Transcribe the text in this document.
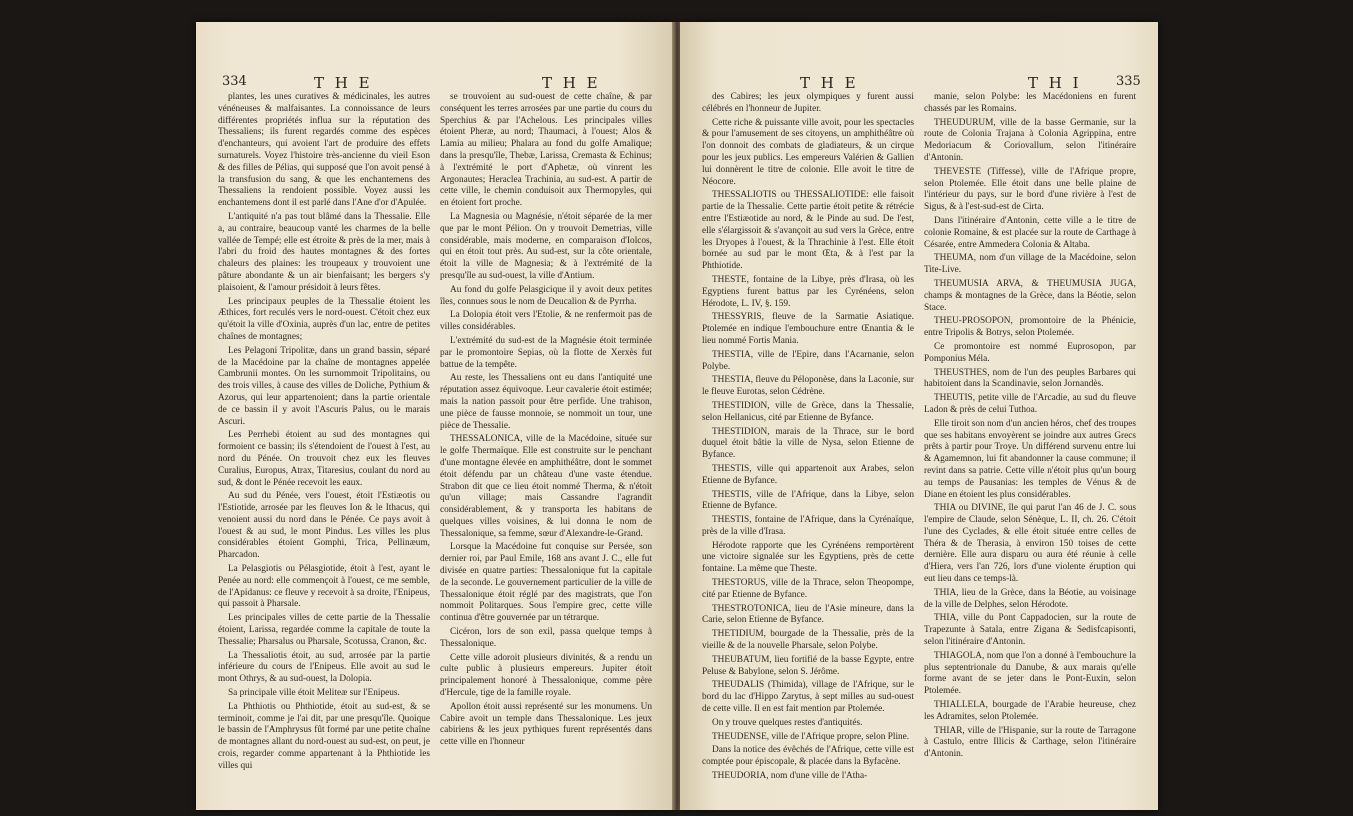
334	T H E	T H E

plantes, les unes curatives & médicinales, les autres vénéneuses & malfaisantes. La connoissance de leurs différentes propriétés influa sur la réputation des Thessaliens; ils furent regardés comme des espèces d'enchanteurs, qui avoient l'art de produire des effets surnaturels. Voyez l'histoire très-ancienne du vieil Eson & des filles de Pélias, qui supposé que l'on avoit pensé à la transfusion du sang, & que les enchantemens des Thessaliens la rendoient possible. Voyez aussi les enchantemens dont il est parlé dans l'Ane d'or d'Apulée.

L'antiquité n'a pas tout blâmé dans la Thessalie. Elle a, au contraire, beaucoup vanté les charmes de la belle vallée de Tempé; elle est étroite & près de la mer, mais à l'abri du froid des hautes montagnes & des fortes chaleurs des plaines: les troupeaux y trouvoient une pâture abondante & un air bienfaisant; les bergers s'y plaisoient, & l'amour présidoit à leurs fêtes.

Les principaux peuples de la Thessalie étoient les Æthices, fort reculés vers le nord-ouest. C'étoit chez eux qu'étoit la ville d'Oxinia, auprès d'un lac, entre de petites chaînes de montagnes;

Les Pelagoni Tripolitæ, dans un grand bassin, séparé de la Macédoine par la chaîne de montagnes appelée Cambrunii montes. On les surnommoit Tripolitains, ou des trois villes, à cause des villes de Doliche, Pythium & Azorus, qui leur appartenoient; dans la partie orientale de ce bassin il y avoit l'Ascuris Palus, ou le marais Ascuri.

Les Perrhebi étoient au sud des montagnes qui formoient ce bassin; ils s'étendoient de l'ouest à l'est, au nord du Pénée. On trouvoit chez eux les fleuves Curalius, Europus, Atrax, Titaresius, coulant du nord au sud, & dont le Pénée recevoit les eaux.

Au sud du Pénée, vers l'ouest, étoit l'Estiæotis ou l'Estiotide, arrosée par les fleuves Ion & le Ithacus, qui venoient aussi du nord dans le Pénée. Ce pays avoit à l'ouest & au sud, le mont Pindus. Les villes les plus considérables étoient Gomphi, Trica, Pellinæum, Pharcadon.

La Pelasgiotis ou Pélasgiotide, étoit à l'est, ayant le Penée au nord: elle commençoit à l'ouest, ce me semble, de l'Apidanus: ce fleuve y recevoit à sa droite, l'Enipeus, qui passoit à Pharsale.

Les principales villes de cette partie de la Thessalie étoient, Larissa, regardée comme la capitale de toute la Thessalie; Pharsalus ou Pharsale, Scotussa, Cranon, &c.

La Thessaliotis étoit, au sud, arrosée par la partie inférieure du cours de l'Enipeus. Elle avoit au sud le mont Othrys, & au sud-ouest, la Dolopia.

Sa principale ville étoit Meliteæ sur l'Enipeus.

La Phthiotis ou Phthiotide, étoit au sud-est, & se terminoit, comme je l'ai dit, par une presqu'île. Quoique le bassin de l'Amphrysus fût formé par une petite chaîne de montagnes allant du nord-ouest au sud-est, on peut, je crois, regarder comme appartenant à la Phthiotide les villes qui

se trouvoient au sud-ouest de cette chaîne, & par conséquent les terres arrosées par une partie du cours du Sperchius & par l'Achelous. Les principales villes étoient Pheræ, au nord; Thaumaci, à l'ouest; Alos & Lamia au milieu; Phalara au fond du golfe Amalique; dans la presqu'île, Thebæ, Larissa, Cremasta & Echinus; à l'extrémité le port d'Aphetæ, où vinrent les Argonautes; Heraclea Trachinia, au sud-est. A partir de cette ville, le chemin conduisoit aux Thermopyles, qui en étoient fort proche.

La Magnesia ou Magnésie, n'étoit séparée de la mer que par le mont Pélion. On y trouvoit Demetrias, ville considérable, mais moderne, en comparaison d'Iolcos, qui en étoit tout près. Au sud-est, sur la côte orientale, étoit la ville de Magnesia; & à l'extrémité de la presqu'île au sud-ouest, la ville d'Antium.

Au fond du golfe Pelasgicique il y avoit deux petites îles, connues sous le nom de Deucalion & de Pyrrha.

La Dolopia étoit vers l'Etolie, & ne renfermoit pas de villes considérables.

L'extrémité du sud-est de la Magnésie étoit terminée par le promontoire Sepias, où la flotte de Xerxès fut battue de la tempête.

Au reste, les Thessaliens ont eu dans l'antiquité une réputation assez équivoque. Leur cavalerie étoit estimée; mais la nation passoit pour être perfide. Une trahison, une pièce de fausse monnoie, se nommoit un tour, une pièce de Thessalie.

THESSALONICA, ville de la Macédoine, située sur le golfe Thermaïque. Elle est construite sur le penchant d'une montagne élevée en amphithéâtre, dont le sommet étoit défendu par un château d'une vaste étendue. Strabon dit que ce lieu étoit nommé Therma, & n'étoit qu'un village; mais Cassandre l'agrandit considérablement, & y transporta les habitans de quelques villes voisines, & lui donna le nom de Thessalonique, sa femme, sœur d'Alexandre-le-Grand.

Lorsque la Macédoine fut conquise sur Persée, son dernier roi, par Paul Emile, 168 ans avant J. C., elle fut divisée en quatre parties: Thessalonique fut la capitale de la seconde. Le gouvernement particulier de la ville de Thessalonique étoit réglé par des magistrats, que l'on nommoit Politarques. Sous l'empire grec, cette ville continua d'être gouvernée par un tétrarque.

Cicéron, lors de son exil, passa quelque temps à Thessalonique.

Cette ville adoroit plusieurs divinités, & a rendu un culte public à plusieurs empereurs. Jupiter étoit principalement honoré à Thessalonique, comme père d'Hercule, tige de la famille royale.

Apollon étoit aussi représenté sur les monumens. Un Cabire avoit un temple dans Thessalonique. Les jeux cabiriens & les jeux pythiques furent représentés dans cette ville en l'honneur

T H E	T H I	335

des Cabires; les jeux olympiques y furent aussi célébrés en l'honneur de Jupiter.

Cette riche & puissante ville avoit, pour les spectacles & pour l'amusement de ses citoyens, un amphithéâtre où l'on donnoit des combats de gladiateurs, & un cirque pour les jeux publics. Les empereurs Valérien & Gallien lui donnèrent le titre de colonie. Elle avoit le titre de Néocore.

THESSALIOTIS ou THESSALIOTIDE: elle faisoit partie de la Thessalie. Cette partie étoit petite & rétrécie entre l'Estiæotide au nord, & le Pinde au sud. De l'est, elle s'élargissoit & s'avançoit au sud vers la Grèce, entre les Dryopes à l'ouest, & la Thrachinie à l'est. Elle étoit bornée au sud par le mont Œta, & à l'est par la Phthiotide.

THESTE, fontaine de la Libye, près d'Irasa, où les Egyptiens furent battus par les Cyrénéens, selon Hérodote, L. IV, §. 159.

THESSYRIS, fleuve de la Sarmatie Asiatique. Ptolemée en indique l'embouchure entre Œnantia & le lieu nommé Fortis Mania.

THESTIA, ville de l'Epire, dans l'Acarnanie, selon Polybe.

THESTIA, fleuve du Péloponèse, dans la Laconie, sur le fleuve Eurotas, selon Cédrène.

THESTIDION, ville de Grèce, dans la Thessalie, selon Hellanicus, cité par Etienne de Byfance.

THESTIDION, marais de la Thrace, sur le bord duquel étoit bâtie la ville de Nysa, selon Etienne de Byfance.

THESTIS, ville qui appartenoit aux Arabes, selon Etienne de Byfance.

THESTIS, ville de l'Afrique, dans la Libye, selon Etienne de Byfance.

THESTIS, fontaine de l'Afrique, dans la Cyrénaïque, près de la ville d'Irasa.

Hérodote rapporte que les Cyrénéens remportèrent une victoire signalée sur les Egyptiens, près de cette fontaine. La même que Theste.

THESTORUS, ville de la Thrace, selon Theopompe, cité par Etienne de Byfance.

THESTROTONICA, lieu de l'Asie mineure, dans la Carie, selon Etienne de Byfance.

THETIDIUM, bourgade de la Thessalie, près de la vieille & de la nouvelle Pharsale, selon Polybe.

THEUBATUM, lieu fortifié de la basse Egypte, entre Peluse & Babylone, selon S. Jérôme.

THEUDALIS (Thimida), village de l'Afrique, sur le bord du lac d'Hippo Zarytus, à sept milles au sud-ouest de cette ville. Il en est fait mention par Ptolemée.

On y trouve quelques restes d'antiquités.

THEUDENSE, ville de l'Afrique propre, selon Pline.

Dans la notice des évêchés de l'Afrique, cette ville est comptée pour épiscopale, & placée dans la Byfacène.

THEUDORIA, nom d'une ville de l'Atha-

manie, selon Polybe: les Macédoniens en furent chassés par les Romains.

THEUDURUM, ville de la basse Germanie, sur la route de Colonia Trajana à Colonia Agrippina, entre Medoriacum & Coriovallum, selon l'itinéraire d'Antonin.

THEVESTE (Tiffesse), ville de l'Afrique propre, selon Ptolemée. Elle étoit dans une belle plaine de l'intérieur du pays, sur le bord d'une rivière à l'est de Sigus, & à l'est-sud-est de Cirta.

Dans l'itinéraire d'Antonin, cette ville a le titre de colonie Romaine, & est placée sur la route de Carthage à Césarée, entre Ammedera Colonia & Altaba.

THEUMA, nom d'un village de la Macédoine, selon Tite-Live.

THEUMUSIA ARVA, & THEUMUSIA JUGA, champs & montagnes de la Grèce, dans la Béotie, selon Stace.

THEU-PROSOPON, promontoire de la Phénicie, entre Tripolis & Botrys, selon Ptolemée.

Ce promontoire est nommé Euprosopon, par Pomponius Méla.

THEUSTHES, nom de l'un des peuples Barbares qui habitoient dans la Scandinavie, selon Jornandès.

THEUTIS, petite ville de l'Arcadie, au sud du fleuve Ladon & près de celui Tuthoa.

Elle tiroit son nom d'un ancien héros, chef des troupes que ses habitans envoyèrent se joindre aux autres Grecs prêts à partir pour Troye. Un différend survenu entre lui & Agamemnon, lui fit abandonner la cause commune; il revint dans sa patrie. Cette ville n'étoit plus qu'un bourg au temps de Pausanias: les temples de Vénus & de Diane en étoient les plus considérables.

THIA ou DIVINE, île qui parut l'an 46 de J. C. sous l'empire de Claude, selon Sénèque, L. II, ch. 26. C'étoit l'une des Cyclades, & elle étoit située entre celles de Théra & de Therasia, à environ 150 toises de cette dernière. Elle aura disparu ou aura été réunie à celle d'Hiera, vers l'an 726, lors d'une violente éruption qui eut lieu dans ce temps-là.

THIA, lieu de la Grèce, dans la Béotie, au voisinage de la ville de Delphes, selon Hérodote.

THIA, ville du Pont Cappadocien, sur la route de Trapezunte à Satala, entre Zigana & Sedisfcapisonti, selon l'itinéraire d'Antonin.

THIAGOLA, nom que l'on a donné à l'embouchure la plus septentrionale du Danube, & aux marais qu'elle forme avant de se jeter dans le Pont-Euxin, selon Ptolemée.

THIALLELA, bourgade de l'Arabie heureuse, chez les Adramites, selon Ptolemée.

THIAR, ville de l'Hispanie, sur la route de Tarragone à Castulo, entre Illicis & Carthage, selon l'itinéraire d'Antonin.
